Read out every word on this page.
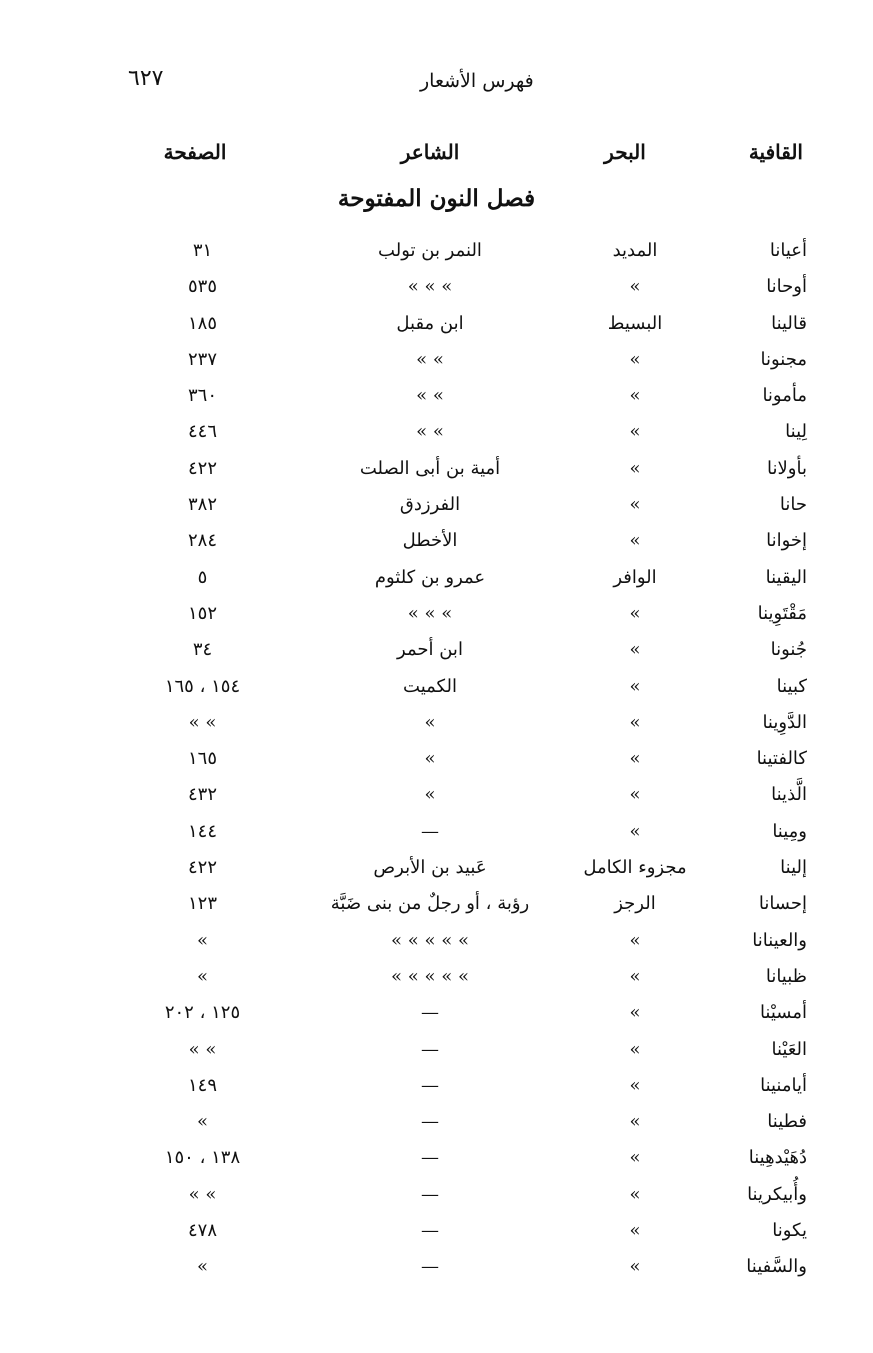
٦٢٧	فهرس الأشعار
القافية
البحر
الشاعر
الصفحة
فصل النون المفتوحة
أعيانا
المديد
النمر بن تولب
٣١
أوحانا
»
» » »
٥٣٥
قالينا
البسيط
ابن مقبل
١٨٥
مجنونا
»
» »
٢٣٧
مأمونا
»
» »
٣٦٠
لِينا
»
» »
٤٤٦
بأولانا
»
أمية بن أبى الصلت
٤٢٢
حانا
»
الفرزدق
٣٨٢
إخوانا
»
الأخطل
٢٨٤
اليقينا
الوافر
عمرو بن كلثوم
٥
مَقْتَوِينا
»
» » »
١٥٢
جُنونا
»
ابن أحمر
٣٤
كبينا
»
الكميت
١٥٤ ، ١٦٥
الدَّوِينا
»
»
» »
كالفتينا
»
»
١٦٥
الَّذينا
»
»
٤٣٢
ومِينا
»
—
١٤٤
إلينا
مجزوء الكامل
عَبيد بن الأبرص
٤٢٢
إحسانا
الرجز
رؤبة ، أو رجلٌ من بنى ضَبَّة
١٢٣
والعينانا
»
» » » » »
»
ظبيانا
»
» » » » »
»
أمسيْنا
»
—
١٢٥ ، ٢٠٢
العَيْنا
»
—
» »
أيامنينا
»
—
١٤٩
فطينا
»
—
»
دُهَيْدهِينا
»
—
١٣٨ ، ١٥٠
وأُبيكرينا
»
—
» »
يكونا
»
—
٤٧٨
والسَّفينا
»
—
»
